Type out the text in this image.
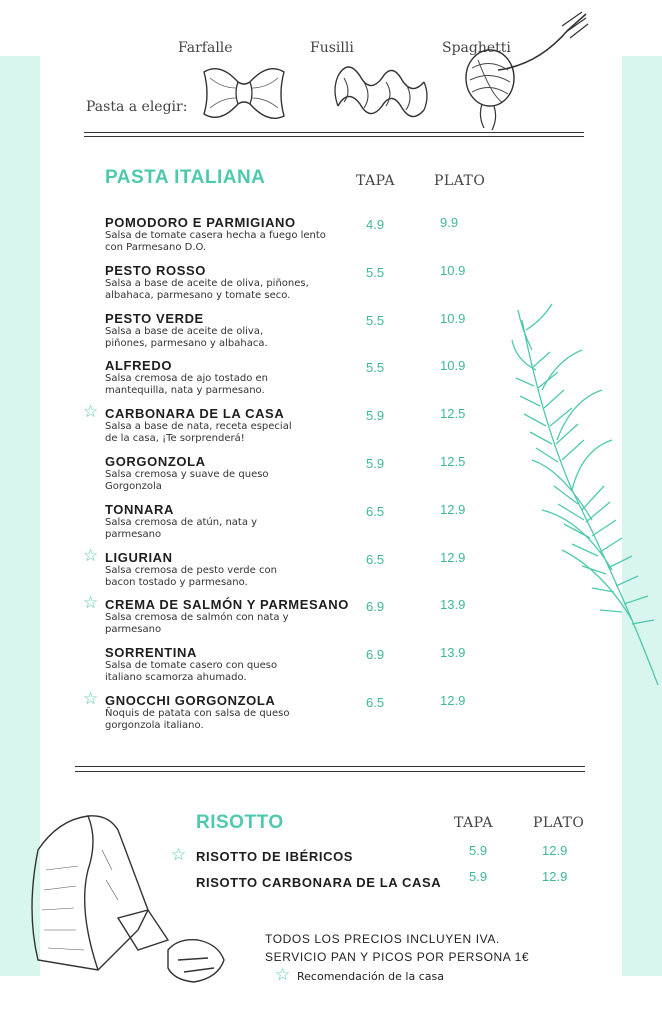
Farfalle	Fusilli	Spaghetti
Pasta a elegir:
PASTA ITALIANA	TAPA	PLATO
POMODORO E PARMIGIANO
Salsa de tomate casera hecha a fuego lento
con Parmesano D.O.
4.9	9.9
PESTO ROSSO
Salsa a base de aceite de oliva, piñones,
albahaca, parmesano y tomate seco.
5.5	10.9
PESTO VERDE
Salsa a base de aceite de oliva,
piñones, parmesano y albahaca.
5.5	10.9
ALFREDO
Salsa cremosa de ajo tostado en
mantequilla, nata y parmesano.
5.5	10.9
CARBONARA DE LA CASA
Salsa a base de nata, receta especial
de la casa, ¡Te sorprenderá!
5.9	12.5
☆
GORGONZOLA
Salsa cremosa y suave de queso
Gorgonzola
5.9	12.5
TONNARA
Salsa cremosa de atún, nata y
parmesano
6.5	12.9
LIGURIAN
Salsa cremosa de pesto verde con
bacon tostado y parmesano.
6.5	12.9
☆
CREMA DE SALMÓN Y PARMESANO
Salsa cremosa de salmón con nata y
parmesano
6.9	13.9
☆
SORRENTINA
Salsa de tomate casero con queso
italiano scamorza ahumado.
6.9	13.9
GNOCCHI GORGONZOLA
Ñoquis de patata con salsa de queso
gorgonzola italiano.
6.5	12.9
☆
RISOTTO	TAPA	PLATO
RISOTTO DE IBÉRICOS	5.9	12.9
☆
RISOTTO CARBONARA DE LA CASA 5.9	12.9
TODOS LOS PRECIOS INCLUYEN IVA.
SERVICIO PAN Y PICOS POR PERSONA 1€
☆ Recomendación de la casa
